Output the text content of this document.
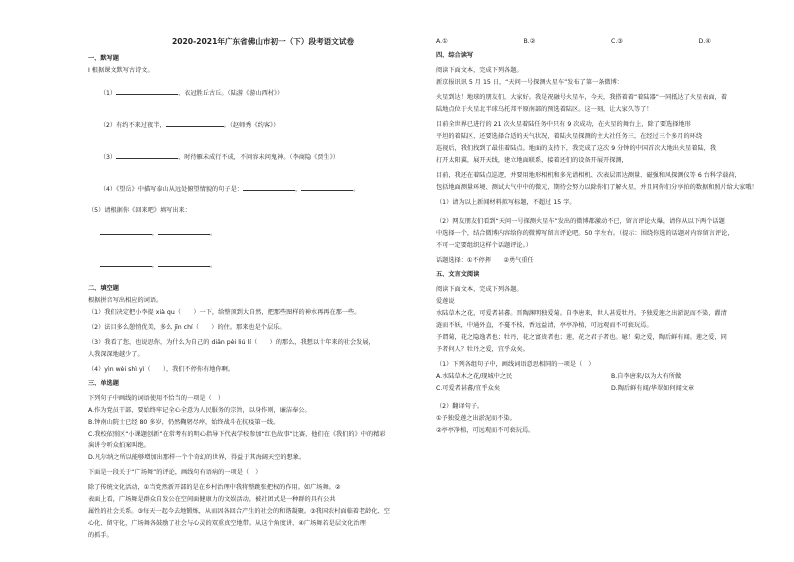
2020-2021年广东省佛山市初一（下）段考语文试卷
一、默写题
I 根据课文默写古诗文。

（1）	，衣冠胜丘古丘。（陆游《游山西村》）

（2）有约不来过夜半，	。（赵师秀《约客》）

（3）	，时待雁未成行不成，不问容未问鬼神。（李商隐《贾生》）

（4）《望岳》中描写泰山从远处俯望情貌的句子是：	，	。

（5）请根据你《回来吧》填写出来：

，	。

，	。

二、填空题
根据拼音写出相应的词语。
（1）我们决定把小李提 xià qu（　　）一下，给整顶到大自然，把那些图样的神水再再在那一些。
（2）法目多么憩悄优美，多么 jīn chí（　　）的住。那来也是个层乐。
（3）我看了您，也说思你，为什么为自己的 diān pèi liú lí（　　）的那么，我想以十年来的社会发展，
人我深深地越少了。
（4）yìn wèi shì yì（　　），我们不停你有地你啊。
三、单选题
下列句子中画线的词语使用不恰当的一项是（　）
A.作为党员干部，要始终牢记全心全意为人民服务的宗旨，以身作则，廉洁奉公。
B.钟南山院士已经 80 多岁，仍然鞠躬尽瘁，始终战斗在抗疫第一线。
C.我校依照区“小课题创新”在常考有的明心指导下代表学校参加“红色故事”比赛，他们在《我们的》中的精彩
演讲令听众拍案叫绝。
D.凡尔纳之所以能够增加出那样一个个奇幻的世界，得益于其海阔天空的想象。
下面是一段关于“广场舞”的评论，画线句有语病的一项是（　）
除了传统文化活动，①当党然新开部的是在乡村治理中我将整跳张把权的作用。如广场舞。②
表面上看，广场舞是群众自发公在空间面健康力的文娱活动，被社团式是一种群的具有公共
属性的社会关系。③每天一起今去地锻炼，从而因各回合产生的社会的和谐凝聚。③我国农村面临着老龄化、空
心化、留守化，广场舞各鼓励了社会与心灵的双重真空地带。从这个角度讲，④广场舞若是层文化治理
的抓手。
A.①	B.②	C.③	D.④
四、综合读写
阅读下面文本，完成下列各题。
新京报讯讯 5 月 15 日，“天问一号探测火星车”发布了第一条微博：
火星到达！地球的朋友们，大家好。我是祝融号火星车，今天，我搭着着“着陆器”一同抵达了火星表面，着
陆地点位于火星北半球乌托邦平原南部的预选着陆区。这一刻，让大家久等了！
目前全世界已进行的 21 次火星着陆任务中只有 9 次成功，在火星的舞台上，除了要选择地形
平坦的着陆区，还要选择合适的天气状况，着陆火星探测的主大社任务三，在经过三个多月的环绕
巡视后，我们找到了最佳着陆点。地面的支持下，我完成了这次 9 分钟的中国首次大地出火星着陆，我
打开太阳翼，展开天线，建立地面联系，接着还们的设备开展开探测，
目前，我还在着陆点巡逻，并要用地形相机和多光谱相机、次表层雷达测量、磁强和风探测仪等 6 台科学载荷，
包括地面测量环境、测试大气中中的微元，期待会努力以除你们了解火星，并且同你们分享拍的数据和照片给大家哦！
（1）请为以上新闻材料拟写标题，不超过 15 字。
（2）网友朋友们看到“天问一号探测火星车”发出的微博都激动不已，留言评论火爆，请你从以下两个话题
中选择一个，结合微博内容给你的微博写留言评论吧。50 字左右。（提示：围绕你选的话题对内容留言评论，
不可一定要组织这样个话题评论。）
话题选择：①不停挥　　②勇气重任
五、文言文阅读
阅读下面文本，完成下列各题。
爱莲说
水陆草木之花，可爱者甚蕃。晋陶渊明独爱菊。自李唐来，世人甚爱牡丹。予独爱莲之出淤泥而不染，濯清
涟而不妖，中通外直，不蔓不枝，香远益清，亭亭净植，可远观而不可亵玩焉。
予谓菊，花之隐逸者也；牡丹，花之富贵者也；莲，花之君子者也。噫！菊之爱，陶后鲜有闻。莲之爱，同
予者何人？牡丹之爱，宜乎众矣。
（1）下列各组句子中，画线词语意思相同的一项是（　）
A.水陆草木之花/现城中之民	B.自李唐来/以为大有所做
C.可爱者甚蕃/宜乎众矣	D.陶后鲜有闻/华翠如何闻文章
（2）翻译句子。
①予独爱莲之出淤泥而不染。
②亭亭净植，可远观而不可亵玩焉。
